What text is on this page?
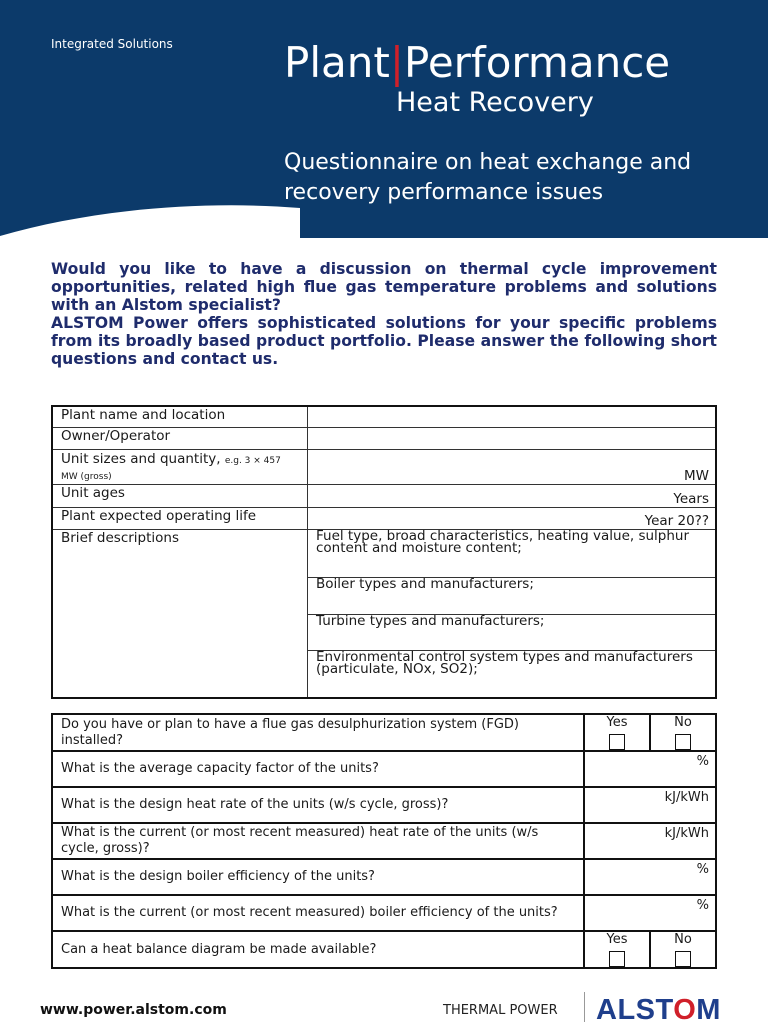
Integrated Solutions	Plant|Performance
Heat Recovery
Questionnaire on heat exchange and recovery performance issues

Would you like to have a discussion on thermal cycle improvement opportunities, related high flue gas temperature problems and solutions with an Alstom specialist?

ALSTOM Power offers sophisticated solutions for your specific problems from its broadly based product portfolio. Please answer the following short questions and contact us.

Plant name and location	
Owner/Operator	
Unit sizes and quantity, e.g. 3 × 457 MW (gross)	MW
Unit ages	Years
Plant expected operating life	Year 20??
Brief descriptions	Fuel type, broad characteristics, heating value, sulphur content and moisture content;
	Boiler types and manufacturers;
	Turbine types and manufacturers;
	Environmental control system types and manufacturers (particulate, NOx, SO2);
Do you have or plan to have a flue gas desulphurization system (FGD) installed?	Yes	No

What is the average capacity factor of the units?	%	
What is the design heat rate of the units (w/s cycle, gross)?	kJ/kWh	
What is the current (or most recent measured) heat rate of the units (w/s cycle, gross)?	kJ/kWh	
What is the design boiler efficiency of the units?	%	
What is the current (or most recent measured) boiler efficiency of the units?	%	
Can a heat balance diagram be made available?	Yes	No
www.power.alstom.com	THERMAL POWER ALSTOM
